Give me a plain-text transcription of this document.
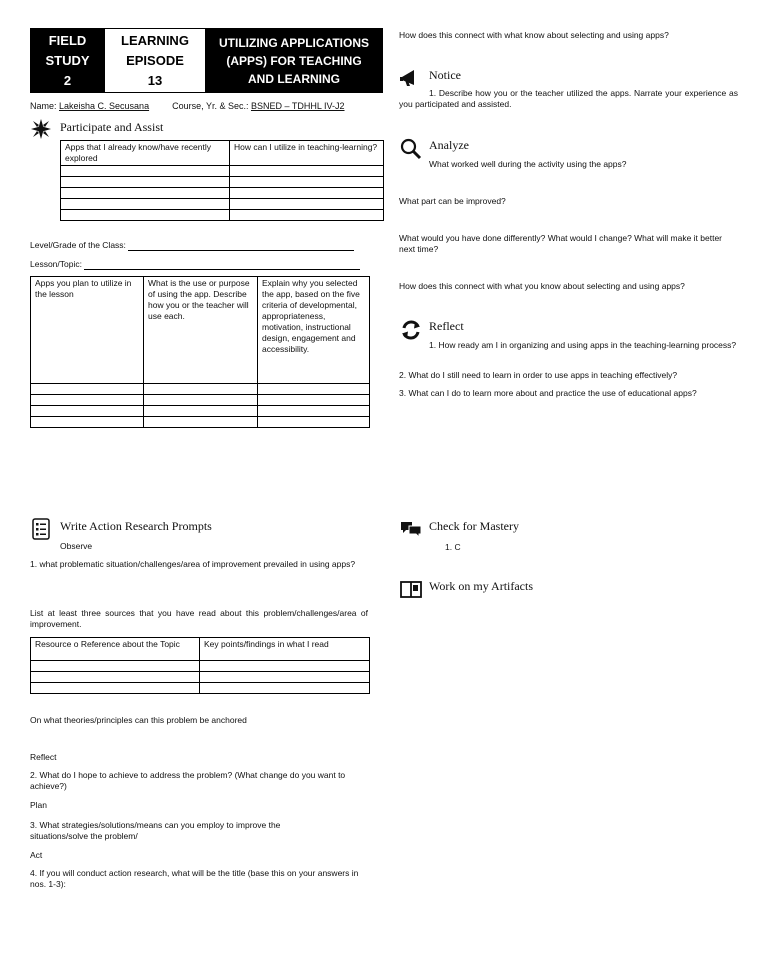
FIELD
STUDY
2
LEARNING
EPISODE
13
UTILIZING APPLICATIONS
(APPS) FOR TEACHING
AND LEARNING
Name: Lakeisha C. Secusana	Course, Yr. & Sec.: BSNED – TDHHL IV-J2
Participate and Assist
Apps that I already know/have recently explored	How can I utilize in teaching-learning?

Level/Grade of the Class:
Lesson/Topic:
Apps you plan to utilize in the lesson	What is the use or purpose of using the app. Describe how you or the teacher will use each.	Explain why you selected the app, based on the five criteria of developmental, appropriateness, motivation, instructional design, engagement and accessibility.

Write Action Research Prompts
Observe
1. what problematic situation/challenges/area of improvement prevailed in using apps?
List at least three sources that you have read about this problem/challenges/area of improvement.
Resource o Reference about the Topic	Key points/findings in what I read

On what theories/principles can this problem be anchored
Reflect
2. What do I hope to achieve to address the problem? (What change do you want to achieve?)
Plan
3. What strategies/solutions/means can you employ to improve the situations/solve the problem/
Act
4. If you will conduct action research, what will be the title (base this on your answers in nos. 1-3):
How does this connect with what know about selecting and using apps?
Notice
1. Describe how you or the teacher utilized the apps. Narrate your experience as you participated and assisted.
Analyze
What worked well during the activity using the apps?
What part can be improved?
What would you have done differently? What would I change? What will make it better next time?
How does this connect with what you know about selecting and using apps?
Reflect
1. How ready am I in organizing and using apps in the teaching-learning process?
2. What do I still need to learn in order to use apps in teaching effectively?
3. What can I do to learn more about and practice the use of educational apps?
Check for Mastery
1. C
Work on my Artifacts
